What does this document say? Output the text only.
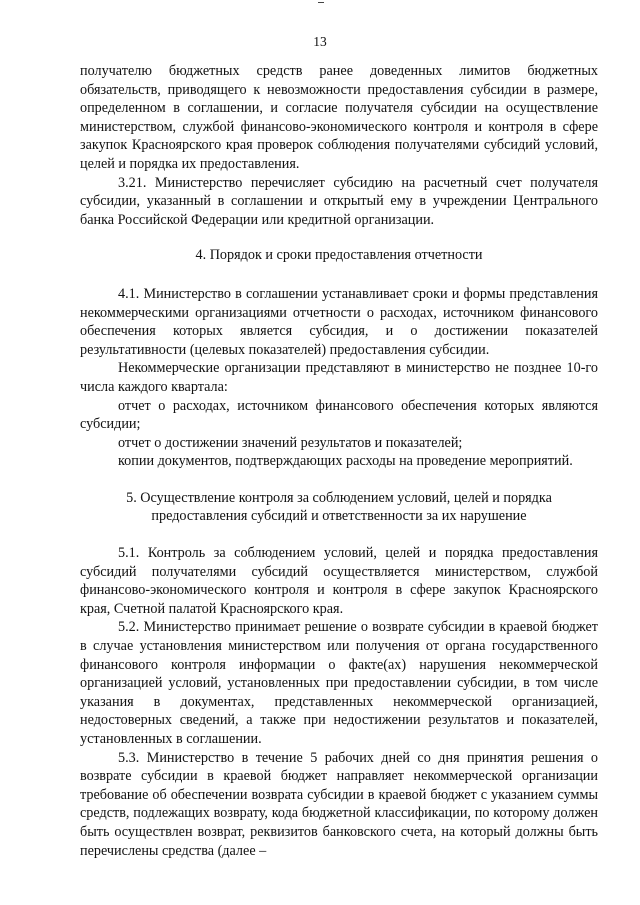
13

получателю бюджетных средств ранее доведенных лимитов бюджетных обязательств, приводящего к невозможности предоставления субсидии в размере, определенном в соглашении, и согласие получателя субсидии на осуществление министерством, службой финансово-экономического контроля и контроля в сфере закупок Красноярского края проверок соблюдения получателями субсидий условий, целей и порядка их предоставления.

3.21. Министерство перечисляет субсидию на расчетный счет получателя субсидии, указанный в соглашении и открытый ему в учреждении Центрального банка Российской Федерации или кредитной организации.

4. Порядок и сроки предоставления отчетности

4.1. Министерство в соглашении устанавливает сроки и формы представления некоммерческими организациями отчетности о расходах, источником финансового обеспечения которых является субсидия, и о достижении показателей результативности (целевых показателей) предоставления субсидии.

Некоммерческие организации представляют в министерство не позднее 10-го числа каждого квартала:

отчет о расходах, источником финансового обеспечения которых являются субсидии;

отчет о достижении значений результатов и показателей;

копии документов, подтверждающих расходы на проведение мероприятий.

5. Осуществление контроля за соблюдением условий, целей и порядка
предоставления субсидий и ответственности за их нарушение

5.1. Контроль за соблюдением условий, целей и порядка предоставления субсидий получателями субсидий осуществляется министерством, службой финансово-экономического контроля и контроля в сфере закупок Красноярского края, Счетной палатой Красноярского края.

5.2. Министерство принимает решение о возврате субсидии в краевой бюджет в случае установления министерством или получения от органа государственного финансового контроля информации о факте(ах) нарушения некоммерческой организацией условий, установленных при предоставлении субсидии, в том числе указания в документах, представленных некоммерческой организацией, недостоверных сведений, а также при недостижении результатов и показателей, установленных в соглашении.

5.3. Министерство в течение 5 рабочих дней со дня принятия решения о возврате субсидии в краевой бюджет направляет некоммерческой организации требование об обеспечении возврата субсидии в краевой бюджет с указанием суммы средств, подлежащих возврату, кода бюджетной классификации, по которому должен быть осуществлен возврат, реквизитов банковского счета, на который должны быть перечислены средства (далее –
